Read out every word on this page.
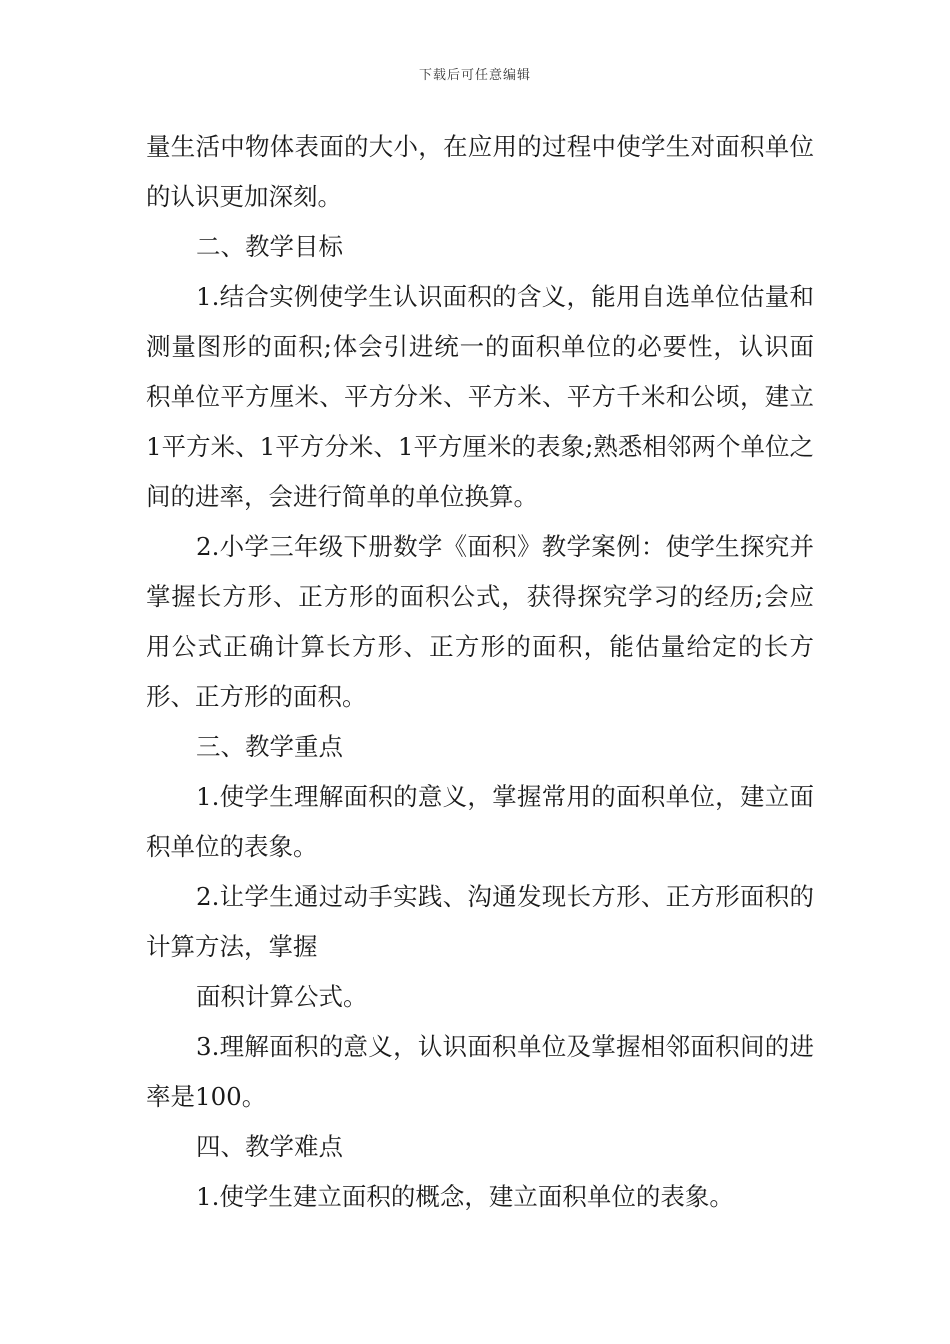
下载后可任意编辑

量生活中物体表面的大小，在应用的过程中使学生对面积单位的认识更加深刻。

二、教学目标

1.结合实例使学生认识面积的含义，能用自选单位估量和测量图形的面积;体会引进统一的面积单位的必要性，认识面积单位平方厘米、平方分米、平方米、平方千米和公顷，建立1平方米、1平方分米、1平方厘米的表象;熟悉相邻两个单位之间的进率，会进行简单的单位换算。

2.小学三年级下册数学《面积》教学案例：使学生探究并掌握长方形、正方形的面积公式，获得探究学习的经历;会应用公式正确计算长方形、正方形的面积，能估量给定的长方形、正方形的面积。

三、教学重点

1.使学生理解面积的意义，掌握常用的面积单位，建立面积单位的表象。

2.让学生通过动手实践、沟通发现长方形、正方形面积的计算方法，掌握

面积计算公式。

3.理解面积的意义，认识面积单位及掌握相邻面积间的进率是100。

四、教学难点

1.使学生建立面积的概念，建立面积单位的表象。
